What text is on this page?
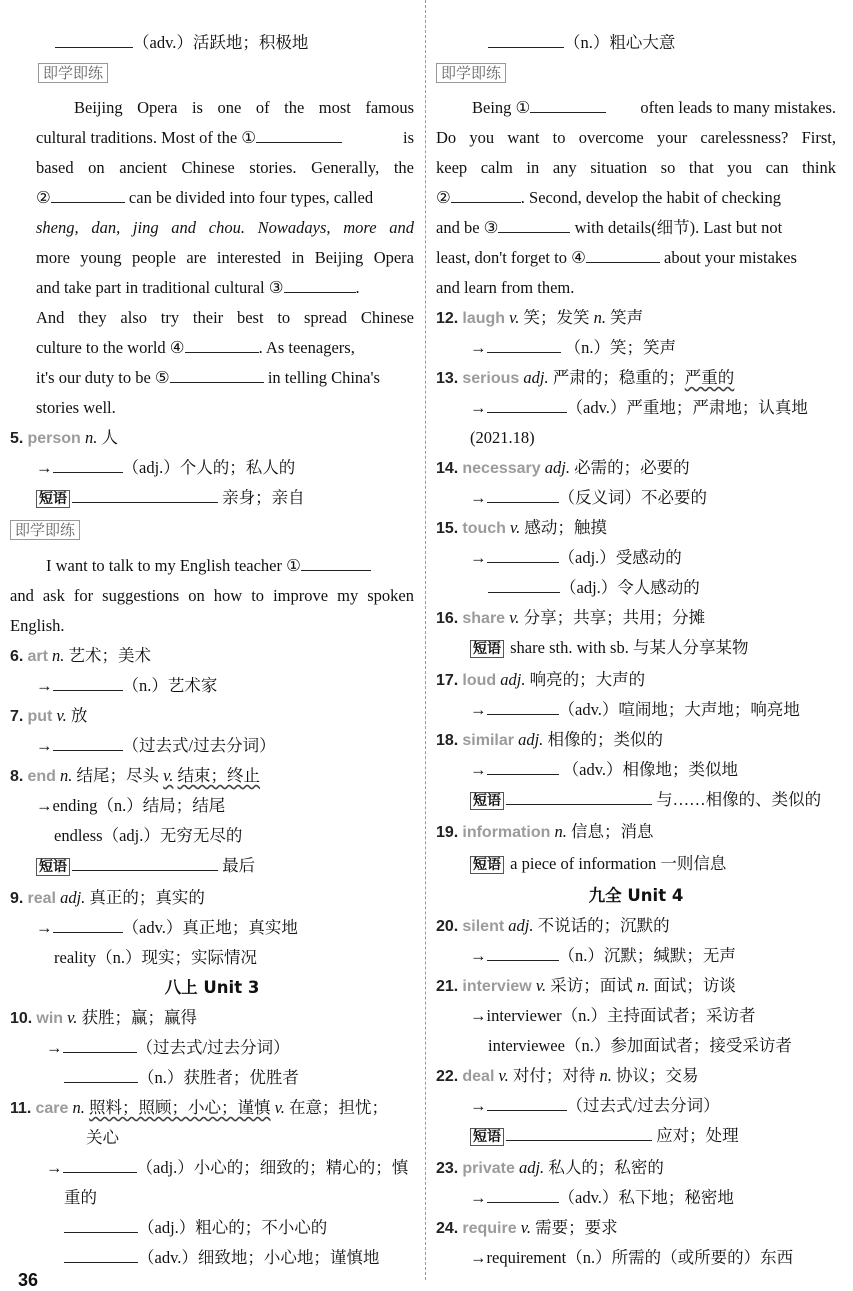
（adv.）活跃地；积极地
即学即练
Beijing Opera is one of the most famous
cultural traditions. Most of the ①	is
based on ancient Chinese stories. Generally, the
②	can be divided into four types, called
sheng, dan, jing and chou. Nowadays, more and
more young people are interested in Beijing Opera
and take part in traditional cultural ③	.
And they also try their best to spread Chinese
culture to the world ④	. As teenagers,
it's our duty to be ⑤	in telling China's
stories well.
5. person n. 人
→	（adj.）个人的；私人的
短语	亲身；亲自
即学即练
I want to talk to my English teacher ①
and ask for suggestions on how to improve my spoken
English.
6. art n. 艺术；美术
→	（n.）艺术家
7. put v. 放
→	（过去式/过去分词）
8. end n. 结尾；尽头 v. 结束；终止
→ending（n.）结局；结尾
endless（adj.）无穷无尽的
短语	最后
9. real adj. 真正的；真实的
→	（adv.）真正地；真实地
reality（n.）现实；实际情况
八上 Unit 3
10. win v. 获胜；赢；赢得
→	（过去式/过去分词）
（n.）获胜者；优胜者
11. care n. 照料；照顾；小心；谨慎 v. 在意；担忧；
关心
→	（adj.）小心的；细致的；精心的；慎
重的
（adj.）粗心的；不小心的
（adv.）细致地；小心地；谨慎地
36
（n.）粗心大意
即学即练
Being ①	often leads to many mistakes.
Do you want to overcome your carelessness? First,
keep calm in any situation so that you can think
②	. Second, develop the habit of checking
and be ③	with details(细节). Last but not
least, don't forget to ④	about your mistakes
and learn from them.
12. laugh v. 笑；发笑 n. 笑声
→	（n.）笑；笑声
13. serious adj. 严肃的；稳重的；严重的
→	（adv.）严重地；严肃地；认真地
(2021.18)
14. necessary adj. 必需的；必要的
→	（反义词）不必要的
15. touch v. 感动；触摸
→	（adj.）受感动的
（adj.）令人感动的
16. share v. 分享；共享；共用；分摊
短语 share sth. with sb. 与某人分享某物
17. loud adj. 响亮的；大声的
→	（adv.）喧闹地；大声地；响亮地
18. similar adj. 相像的；类似的
→	（adv.）相像地；类似地
短语	与……相像的、类似的
19. information n. 信息；消息
短语 a piece of information 一则信息
九全 Unit 4
20. silent adj. 不说话的；沉默的
→	（n.）沉默；缄默；无声
21. interview v. 采访；面试 n. 面试；访谈
→interviewer（n.）主持面试者；采访者
interviewee（n.）参加面试者；接受采访者
22. deal v. 对付；对待 n. 协议；交易
→	（过去式/过去分词）
短语	应对；处理
23. private adj. 私人的；私密的
→	（adv.）私下地；秘密地
24. require v. 需要；要求
→requirement（n.）所需的（或所要的）东西
